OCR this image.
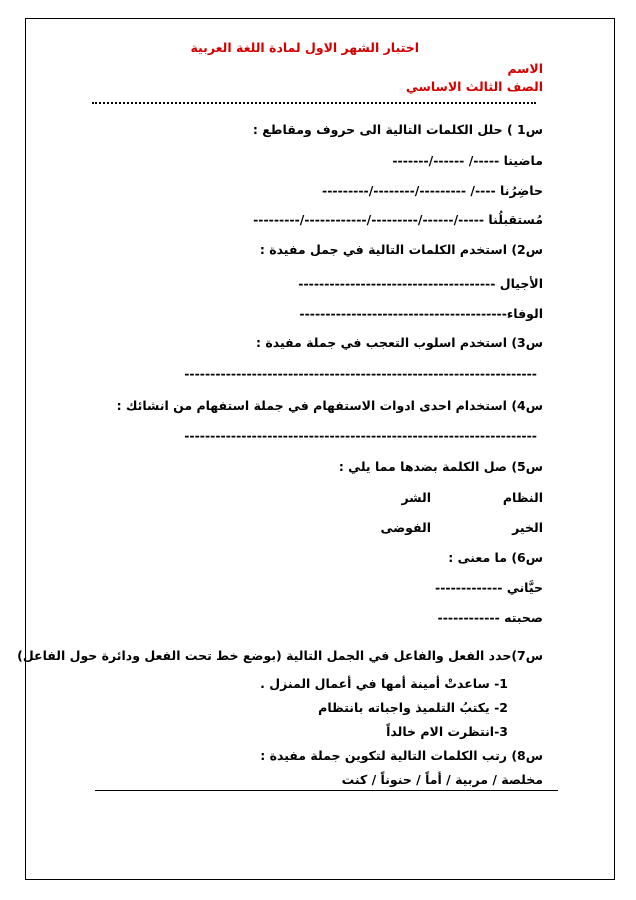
اختبار الشهر الاول لمادة اللغة العربية
الاسم
الصف الثالث الاساسي
س1 ) حلل الكلمات التالية الى حروف ومقاطع :
ماضينا -----/ ------/-------
حاضِرُنا ----/ ---------/--------/---------
مُستقبلُنا -----/------/---------/------------/---------
س2) استخدم الكلمات التالية في جمل مفيدة :
الأجيال --------------------------------------
الوفاء----------------------------------------
س3) استخدم اسلوب التعجب في جملة مفيدة :
--------------------------------------------------------------------
س4) استخدام احدى ادوات الاستفهام في جملة استفهام من انشائك :
--------------------------------------------------------------------
س5) صل الكلمة بضدها مما يلي :
النظام
الشر
الخير
الفوضى
س6) ما معنى :
حيَّاني -------------
صحبته ------------
س7)حدد الفعل والفاعل في الجمل التالية (بوضع خط تحت الفعل ودائرة حول الفاعل)
1- ساعدتْ أمينة أمها في أعمال المنزل .
2- يكتبُ التلميذ واجباته بانتظام
3-انتظرت الام خالداً
س8) رتب الكلمات التالية لتكوين جملة مفيدة :
مخلصة / مربية / أماً / حنوناً / كنت
